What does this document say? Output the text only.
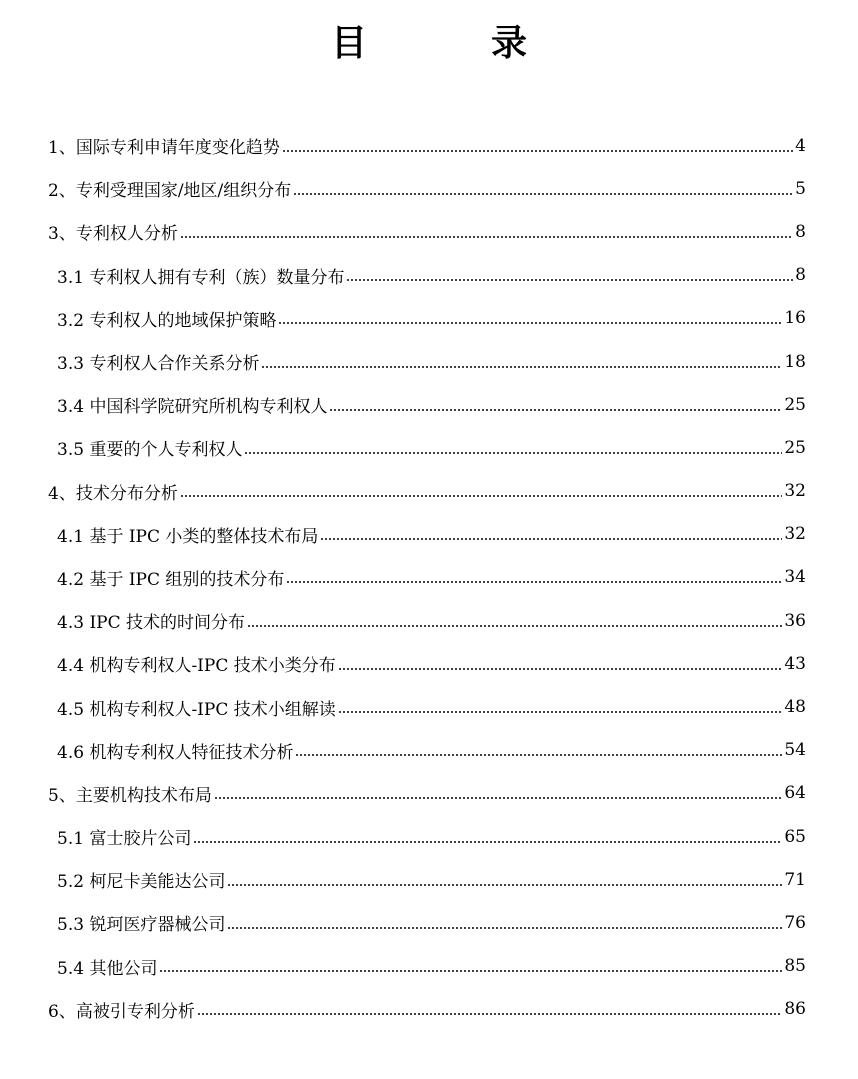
目　录
1、国际专利申请年度变化趋势	4
2、专利受理国家/地区/组织分布	5
3、专利权人分析	8
3.1 专利权人拥有专利（族）数量分布	8
3.2 专利权人的地域保护策略	16
3.3 专利权人合作关系分析	18
3.4 中国科学院研究所机构专利权人	25
3.5 重要的个人专利权人	25
4、技术分布分析	32
4.1 基于 IPC 小类的整体技术布局	32
4.2 基于 IPC 组别的技术分布	34
4.3 IPC 技术的时间分布	36
4.4 机构专利权人-IPC 技术小类分布	43
4.5 机构专利权人-IPC 技术小组解读	48
4.6 机构专利权人特征技术分析	54
5、主要机构技术布局	64
5.1 富士胶片公司	65
5.2 柯尼卡美能达公司	71
5.3 锐珂医疗器械公司	76
5.4 其他公司	85
6、高被引专利分析	86
